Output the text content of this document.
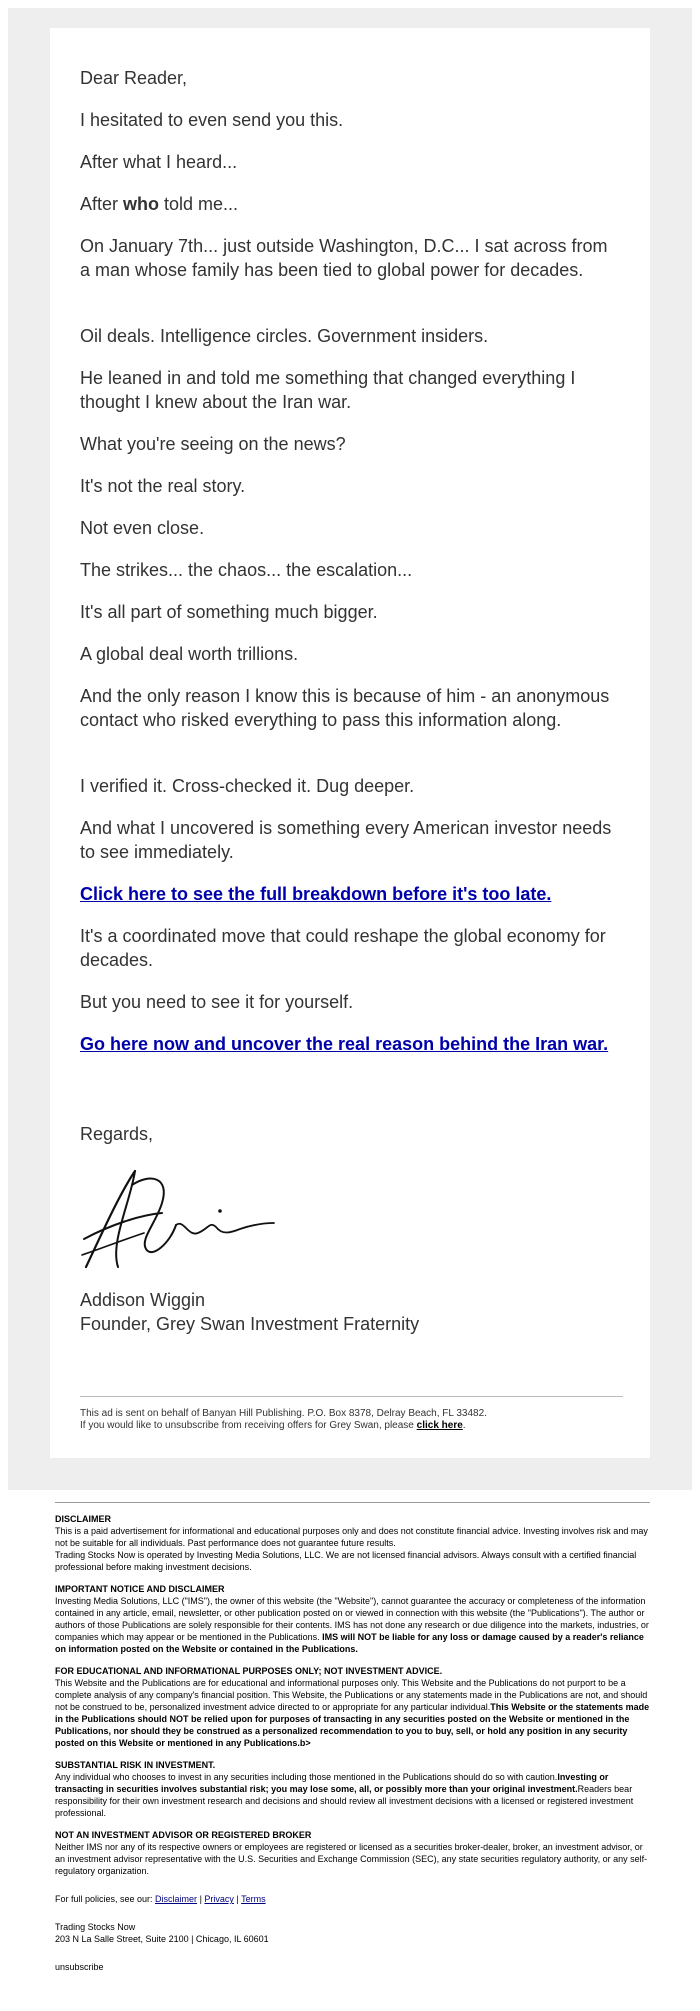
Dear Reader,

I hesitated to even send you this.

After what I heard...

After who told me...

On January 7th... just outside Washington, D.C... I sat across from a man whose family has been tied to global power for decades.

Oil deals. Intelligence circles. Government insiders.

He leaned in and told me something that changed everything I thought I knew about the Iran war.

What you're seeing on the news?

It's not the real story.

Not even close.

The strikes... the chaos... the escalation...

It's all part of something much bigger.

A global deal worth trillions.

And the only reason I know this is because of him - an anonymous contact who risked everything to pass this information along.

I verified it. Cross-checked it. Dug deeper.

And what I uncovered is something every American investor needs to see immediately.

Click here to see the full breakdown before it's too late.

It's a coordinated move that could reshape the global economy for decades.

But you need to see it for yourself.

Go here now and uncover the real reason behind the Iran war.

Regards,

Addison Wiggin

Founder, Grey Swan Investment Fraternity

This ad is sent on behalf of Banyan Hill Publishing. P.O. Box 8378, Delray Beach, FL 33482.
If you would like to unsubscribe from receiving offers for Grey Swan, please click here.
DISCLAIMER
This is a paid advertisement for informational and educational purposes only and does not constitute financial advice. Investing involves risk and may not be suitable for all individuals. Past performance does not guarantee future results.
Trading Stocks Now is operated by Investing Media Solutions, LLC. We are not licensed financial advisors. Always consult with a certified financial professional before making investment decisions.
IMPORTANT NOTICE AND DISCLAIMER
Investing Media Solutions, LLC ("IMS"), the owner of this website (the "Website"), cannot guarantee the accuracy or completeness of the information contained in any article, email, newsletter, or other publication posted on or viewed in connection with this website (the "Publications"). The author or authors of those Publications are solely responsible for their contents. IMS has not done any research or due diligence into the markets, industries, or companies which may appear or be mentioned in the Publications. IMS will NOT be liable for any loss or damage caused by a reader's reliance on information posted on the Website or contained in the Publications.
FOR EDUCATIONAL AND INFORMATIONAL PURPOSES ONLY; NOT INVESTMENT ADVICE.
This Website and the Publications are for educational and informational purposes only. This Website and the Publications do not purport to be a complete analysis of any company's financial position. This Website, the Publications or any statements made in the Publications are not, and should not be construed to be, personalized investment advice directed to or appropriate for any particular individual.This Website or the statements made in the Publications should NOT be relied upon for purposes of transacting in any securities posted on the Website or mentioned in the Publications, nor should they be construed as a personalized recommendation to you to buy, sell, or hold any position in any security posted on this Website or mentioned in any Publications.b>
SUBSTANTIAL RISK IN INVESTMENT.
Any individual who chooses to invest in any securities including those mentioned in the Publications should do so with caution.Investing or transacting in securities involves substantial risk; you may lose some, all, or possibly more than your original investment.Readers bear responsibility for their own investment research and decisions and should review all investment decisions with a licensed or registered investment professional.
NOT AN INVESTMENT ADVISOR OR REGISTERED BROKER
Neither IMS nor any of its respective owners or employees are registered or licensed as a securities broker-dealer, broker, an investment advisor, or an investment advisor representative with the U.S. Securities and Exchange Commission (SEC), any state securities regulatory authority, or any self-regulatory organization.
For full policies, see our: Disclaimer | Privacy | Terms
Trading Stocks Now
203 N La Salle Street, Suite 2100 | Chicago, IL 60601
unsubscribe
